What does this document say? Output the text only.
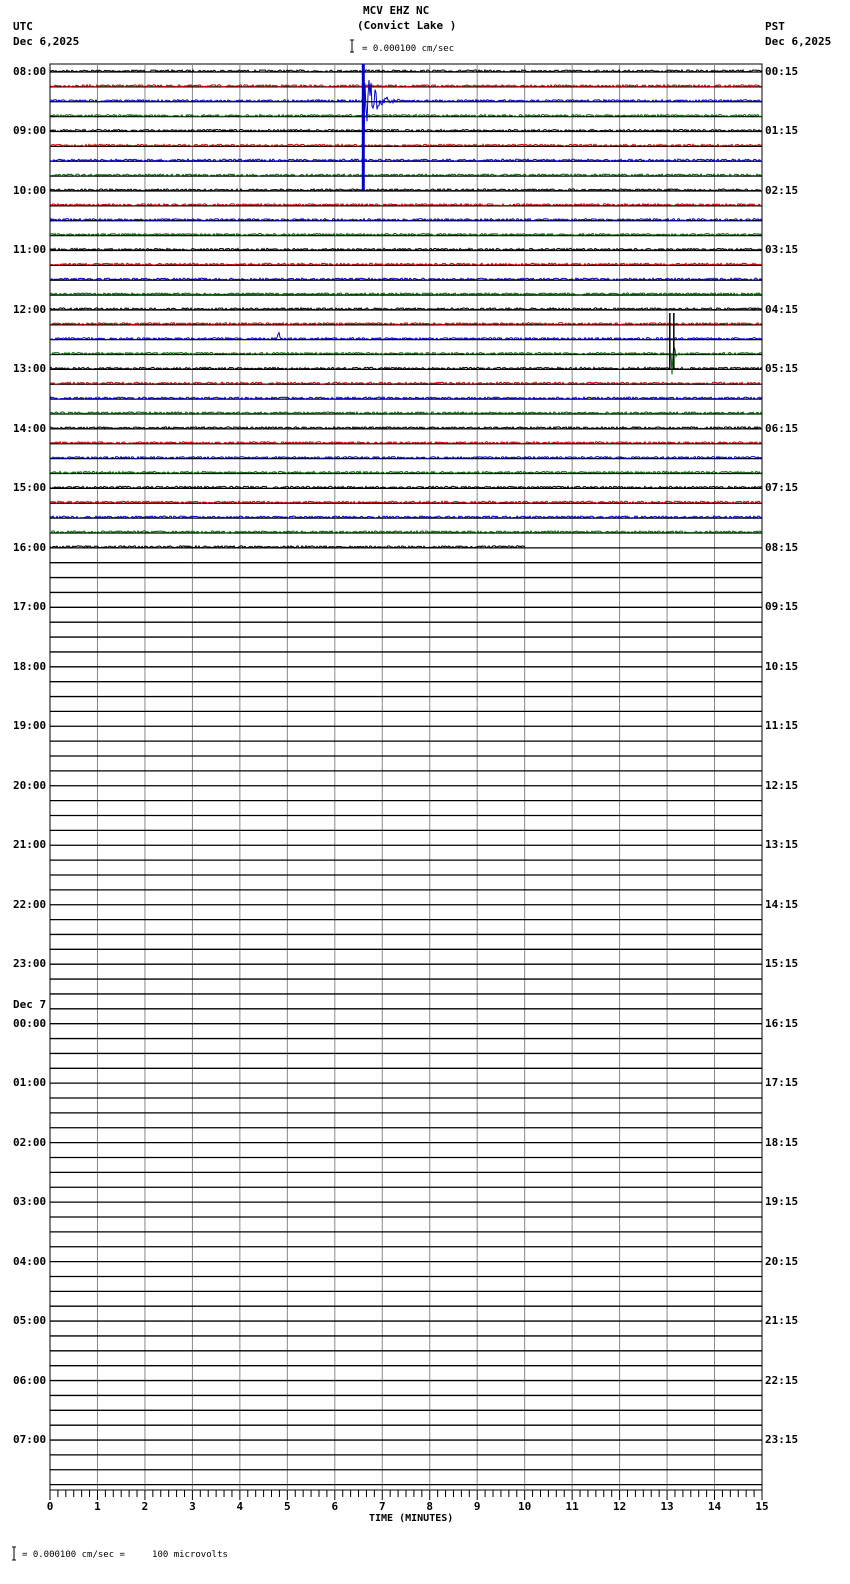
MCV EHZ NC
(Convict Lake )
UTC
Dec 6,2025
PST
Dec 6,2025
= 0.000100 cm/sec
Dec 7
TIME (MINUTES)
= 0.000100 cm/sec =     100 microvolts
08:00
09:00
10:00
11:00
12:00
13:00
14:00
15:00
16:00
17:00
18:00
19:00
20:00
21:00
22:00
23:00
00:00
01:00
02:00
03:00
04:00
05:00
06:00
07:00
00:15
01:15
02:15
03:15
04:15
05:15
06:15
07:15
08:15
09:15
10:15
11:15
12:15
13:15
14:15
15:15
16:15
17:15
18:15
19:15
20:15
21:15
22:15
23:15
0	1	2	3	4	5	6	7	8	9	10	11	12	13	14	15
